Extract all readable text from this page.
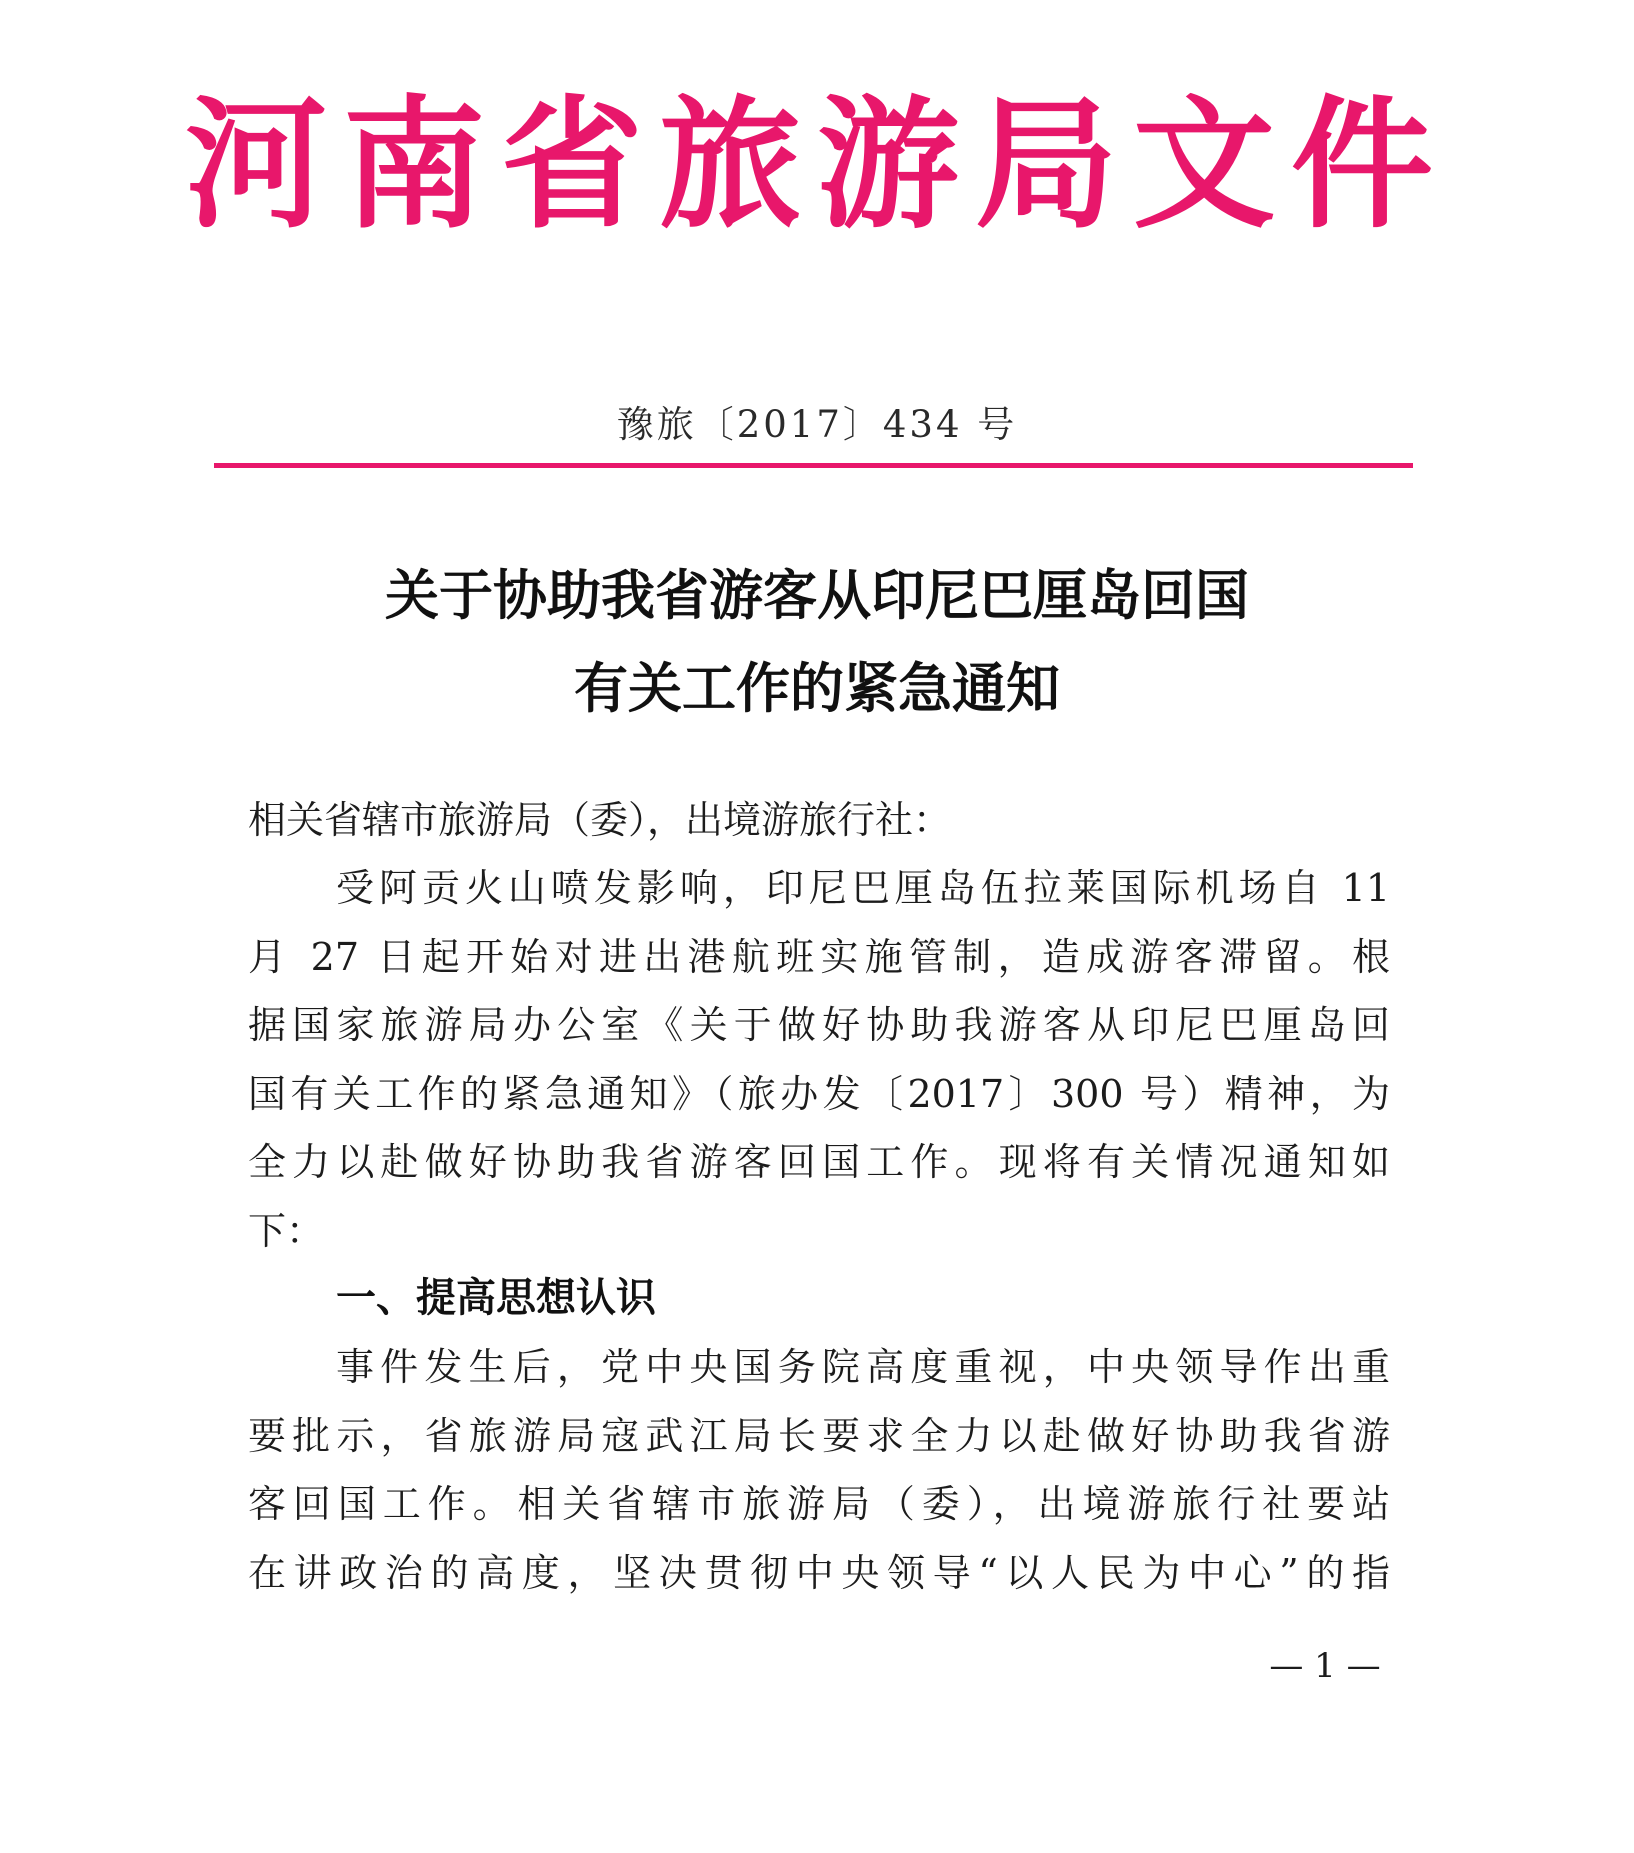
河南省旅游局文件
豫旅〔2017〕434 号
关于协助我省游客从印尼巴厘岛回国
有关工作的紧急通知
相关省辖市旅游局（委），出境游旅行社：
受阿贡火山喷发影响，印尼巴厘岛伍拉莱国际机场自 11
月 27 日起开始对进出港航班实施管制，造成游客滞留。根
据国家旅游局办公室《关于做好协助我游客从印尼巴厘岛回
国有关工作的紧急通知》（旅办发〔2017〕300 号）精神，为
全力以赴做好协助我省游客回国工作。现将有关情况通知如
下：
一、提高思想认识
事件发生后，党中央国务院高度重视，中央领导作出重
要批示，省旅游局寇武江局长要求全力以赴做好协助我省游
客回国工作。相关省辖市旅游局（委），出境游旅行社要站
在讲政治的高度，坚决贯彻中央领导“以人民为中心”的指
— 1 —
